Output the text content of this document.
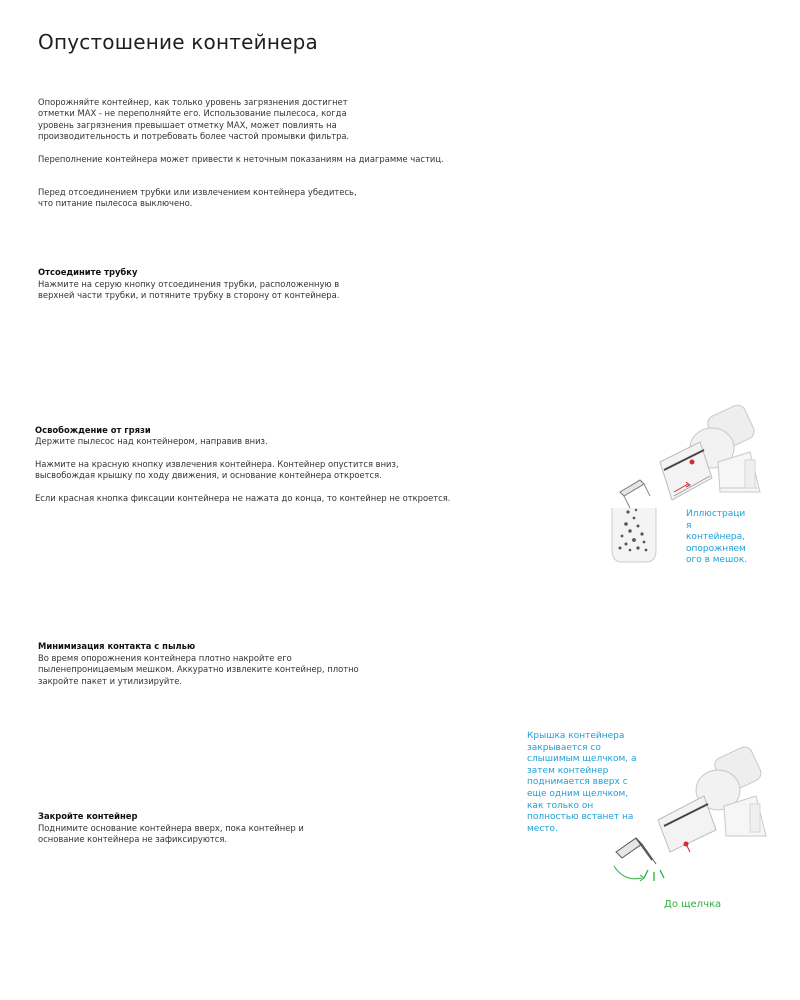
Опустошение контейнера
Опорожняйте контейнер, как только уровень загрязнения достигнет
отметки MAX - не переполняйте его. Использование пылесоса, когда
уровень загрязнения превышает отметку MAX, может повлиять на
производительность и потребовать более частой промывки фильтра.
Переполнение контейнера может привести к неточным показаниям на диаграмме частиц.
Перед отсоединением трубки или извлечением контейнера убедитесь,
что питание пылесоса выключено.
Отсоедините трубку
Нажмите на серую кнопку отсоединения трубки, расположенную в
верхней части трубки, и потяните трубку в сторону от контейнера.
Освобождение от грязи
Держите пылесос над контейнером, направив вниз.
Нажмите на красную кнопку извлечения контейнера. Контейнер опустится вниз,
высвобождая крышку по ходу движения, и основание контейнера откроется.
Если красная кнопка фиксации контейнера не нажата до конца, то контейнер не откроется.
Иллюстраци
я
контейнера,
опорожняем
ого в мешок.
Минимизация контакта с пылью
Во время опорожнения контейнера плотно накройте его
пыленепроницаемым мешком. Аккуратно извлеките контейнер, плотно
закройте пакет и утилизируйте.
Закройте контейнер
Поднимите основание контейнера вверх, пока контейнер и
основание контейнера не зафиксируются.
Крышка контейнера
закрывается со
слышимым щелчком, а
затем контейнер
поднимается вверх с
еще одним щелчком,
как только он
полностью встанет на
место.
До щелчка
